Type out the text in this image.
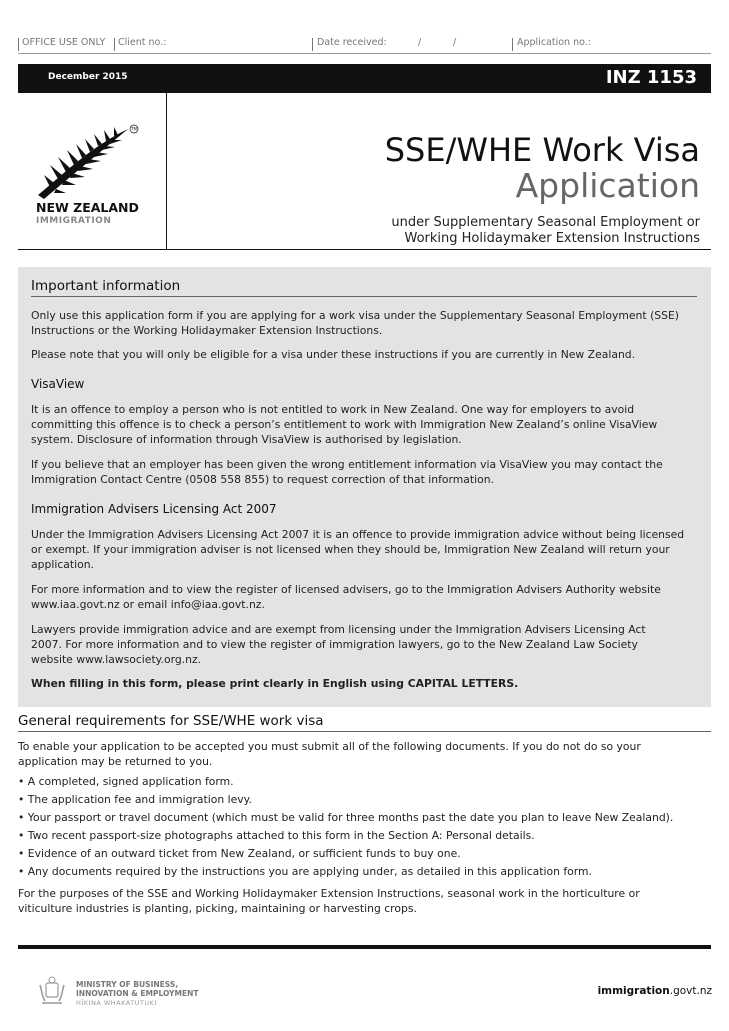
OFFICE USE ONLY Client no.:	Date received:	/	/	Application no.:
December 2015	INZ 1153
TM
NEW ZEALAND
IMMIGRATION
SSE/WHE Work Visa
Application
under Supplementary Seasonal Employment or
Working Holidaymaker Extension Instructions
Important information
Only use this application form if you are applying for a work visa under the Supplementary Seasonal Employment (SSE)
Instructions or the Working Holidaymaker Extension Instructions.
Please note that you will only be eligible for a visa under these instructions if you are currently in New Zealand.
VisaView
It is an offence to employ a person who is not entitled to work in New Zealand. One way for employers to avoid
committing this offence is to check a person’s entitlement to work with Immigration New Zealand’s online VisaView
system. Disclosure of information through VisaView is authorised by legislation.
If you believe that an employer has been given the wrong entitlement information via VisaView you may contact the
Immigration Contact Centre (0508 558 855) to request correction of that information.
Immigration Advisers Licensing Act 2007
Under the Immigration Advisers Licensing Act 2007 it is an offence to provide immigration advice without being licensed
or exempt. If your immigration adviser is not licensed when they should be, Immigration New Zealand will return your
application.
For more information and to view the register of licensed advisers, go to the Immigration Advisers Authority website
www.iaa.govt.nz or email info@iaa.govt.nz.
Lawyers provide immigration advice and are exempt from licensing under the Immigration Advisers Licensing Act
2007. For more information and to view the register of immigration lawyers, go to the New Zealand Law Society
website www.lawsociety.org.nz.
When filling in this form, please print clearly in English using CAPITAL LETTERS.
General requirements for SSE/WHE work visa
To enable your application to be accepted you must submit all of the following documents. If you do not do so your
application may be returned to you.
• A completed, signed application form.
• The application fee and immigration levy.
• Your passport or travel document (which must be valid for three months past the date you plan to leave New Zealand).
• Two recent passport-size photographs attached to this form in the Section A: Personal details.
• Evidence of an outward ticket from New Zealand, or sufficient funds to buy one.
• Any documents required by the instructions you are applying under, as detailed in this application form.
For the purposes of the SSE and Working Holidaymaker Extension Instructions, seasonal work in the horticulture or
viticulture industries is planting, picking, maintaining or harvesting crops.
MINISTRY OF BUSINESS,
INNOVATION & EMPLOYMENT
HĪKINA WHAKATUTUKI
immigration.govt.nz
